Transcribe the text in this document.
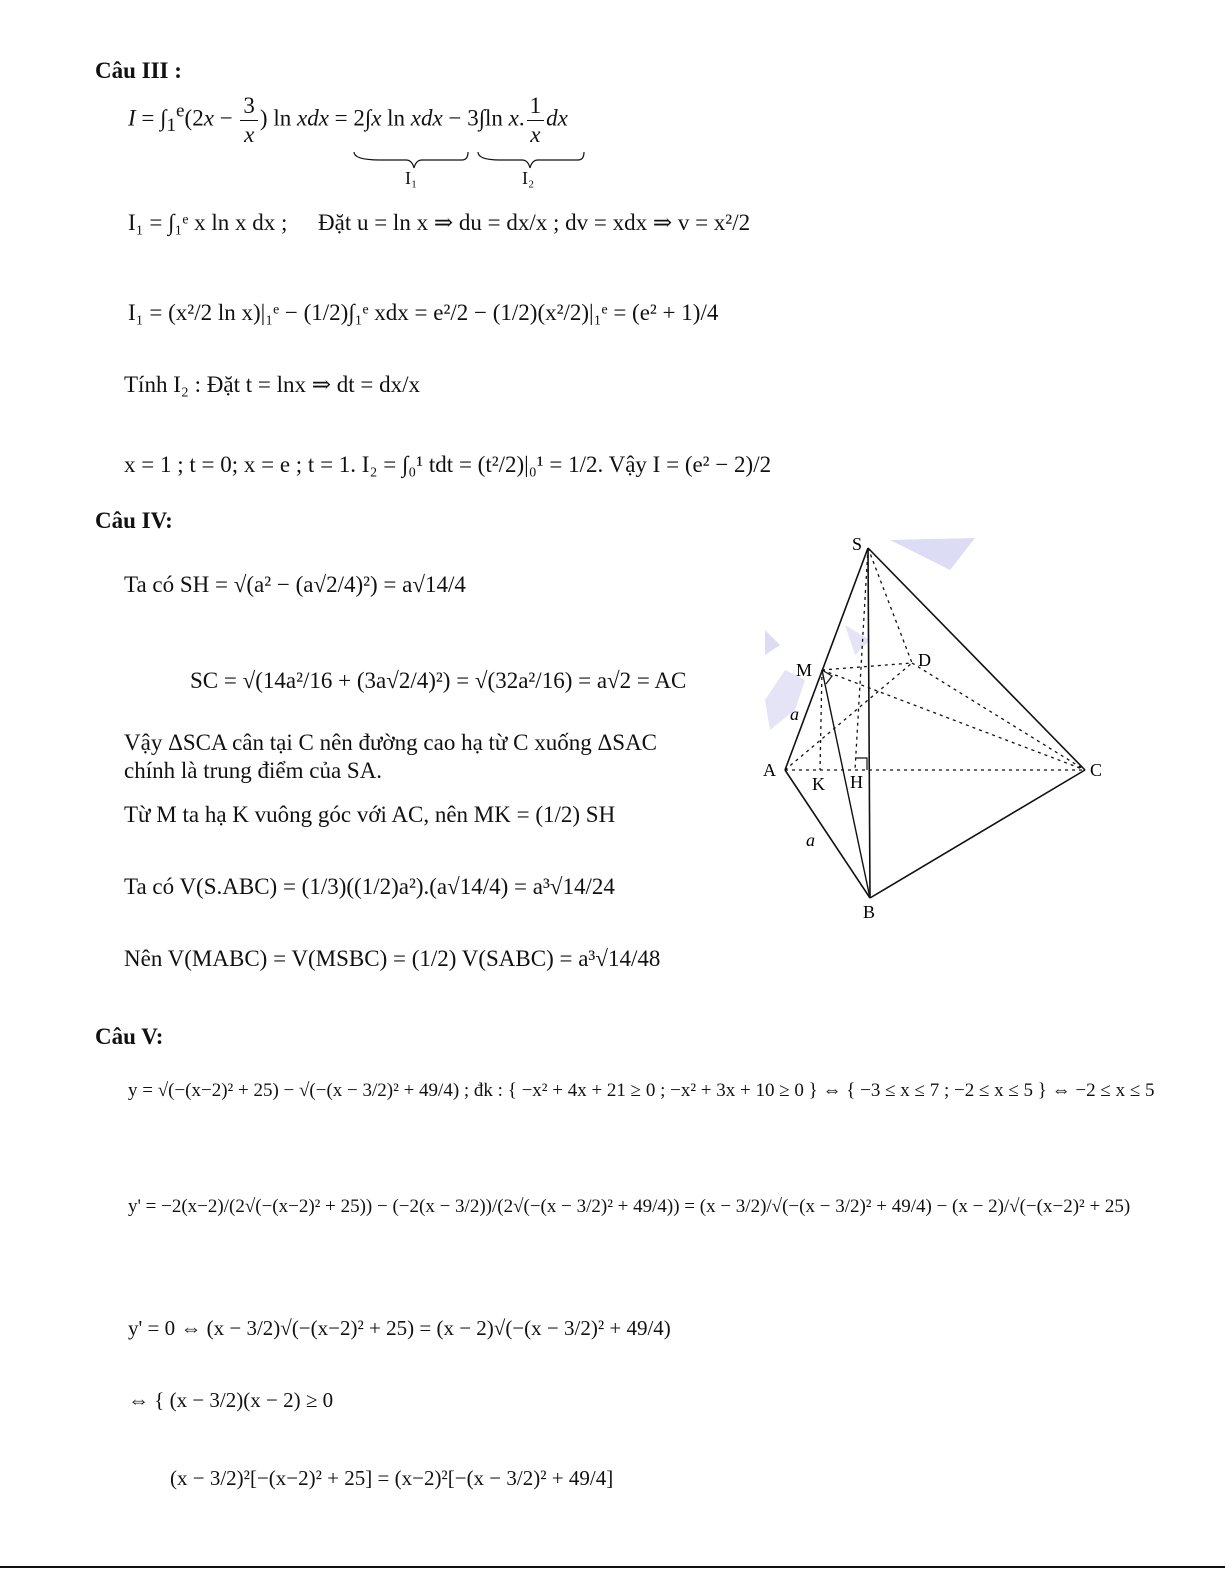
Câu III :
$I = \int_1^e(2x - \frac{3}{x}$ ) ln xdx = 2∫x ln xdx − 3∫ln x. $\frac{1}{x}$ dx
I₁	I₂
I₁ = ∫₁ᵉ x ln x dx ; Đặt u = ln x ⇒ du = dx/x ; dv = xdx ⇒ v = x²/2
I₁ = (x²/2 ln x)|₁ᵉ − (1/2)∫₁ᵉ xdx = e²/2 − (1/2)(x²/2)|₁ᵉ = (e² + 1)/4
Tính I₂ : Đặt t = lnx ⇒ dt = dx/x
x = 1 ; t = 0; x = e ; t = 1. I₂ = ∫₀¹ tdt = (t²/2)|₀¹ = 1/2. Vậy I = (e² − 2)/2
Câu IV:
Ta có SH = √(a² − (a√2/4)²) = a√14/4
SC = √(14a²/16 + (3a√2/4)²) = √(32a²/16) = a√2 = AC
Vậy ΔSCA cân tại C nên đường cao hạ từ C xuống ΔSAC
chính là trung điểm của SA.
Từ M ta hạ K vuông góc với AC, nên MK = (1/2) SH
Ta có V(S.ABC) = (1/3)((1/2)a²).(a√14/4) = a³√14/24
Nên V(MABC) = V(MSBC) = (1/2) V(SABC) = a³√14/48
S
D
M
A
K H
C
B
a
a
Câu V:
y = √(−(x−2)² + 25) − √(−(x − 3/2)² + 49/4) ; đk : { −x² + 4x + 21 ≥ 0 ; −x² + 3x + 10 ≥ 0 } ⇔ { −3 ≤ x ≤ 7 ; −2 ≤ x ≤ 5 } ⇔ −2 ≤ x ≤ 5
y' = −2(x−2)/(2√(−(x−2)² + 25)) − (−2(x − 3/2))/(2√(−(x − 3/2)² + 49/4)) = (x − 3/2)/√(−(x − 3/2)² + 49/4) − (x − 2)/√(−(x−2)² + 25)
y' = 0 ⇔ (x − 3/2)√(−(x−2)² + 25) = (x − 2)√(−(x − 3/2)² + 49/4)
⇔ { (x − 3/2)(x − 2) ≥ 0
(x − 3/2)²[−(x−2)² + 25] = (x−2)²[−(x − 3/2)² + 49/4]
